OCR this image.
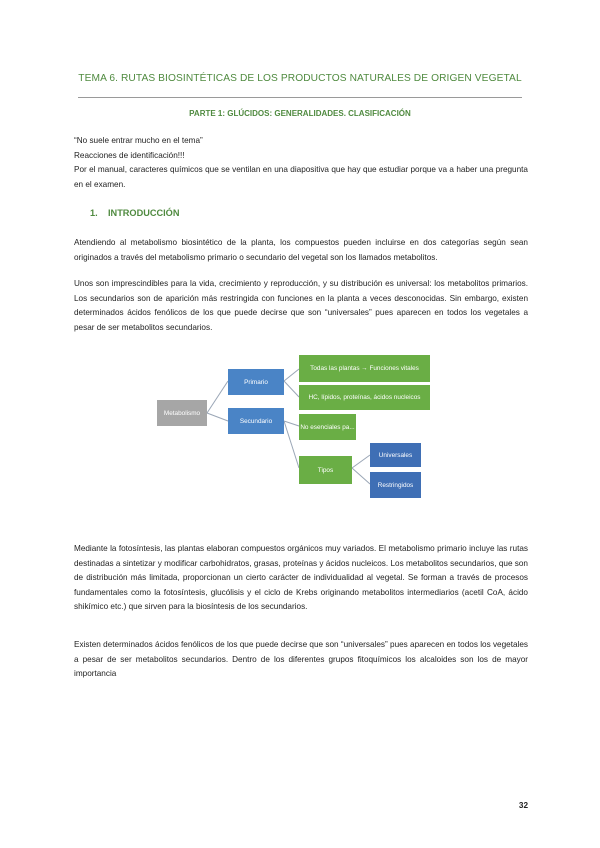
TEMA 6. RUTAS BIOSINTÉTICAS DE LOS PRODUCTOS NATURALES DE ORIGEN VEGETAL
PARTE 1: GLÚCIDOS: GENERALIDADES. CLASIFICACIÓN
“No suele entrar mucho en el tema”
Reacciones de identificación!!!
Por el manual, caracteres químicos que se ventilan en una diapositiva que hay que estudiar porque va a haber una pregunta en el examen.
1. INTRODUCCIÓN
Atendiendo al metabolismo biosintético de la planta, los compuestos pueden incluirse en dos categorías según sean originados a través del metabolismo primario o secundario del vegetal son los llamados metabolitos.
Unos son imprescindibles para la vida, crecimiento y reproducción, y su distribución es universal: los metabolitos primarios. Los secundarios son de aparición más restringida con funciones en la planta a veces desconocidas. Sin embargo, existen determinados ácidos fenólicos de los que puede decirse que son “universales” pues aparecen en todos los vegetales a pesar de ser metabolitos secundarios.
Metabolismo
Primario
Secundario
Todas las plantas → Funciones vitales
HC, lípidos, proteínas, ácidos nucleicos
No esenciales pa...
Tipos
Universales
Restringidos
Mediante la fotosíntesis, las plantas elaboran compuestos orgánicos muy variados. El metabolismo primario incluye las rutas destinadas a sintetizar y modificar carbohidratos, grasas, proteínas y ácidos nucleicos. Los metabolitos secundarios, que son de distribución más limitada, proporcionan un cierto carácter de individualidad al vegetal. Se forman a través de procesos fundamentales como la fotosíntesis, glucólisis y el ciclo de Krebs originando metabolitos intermediarios (acetil CoA, ácido shikímico etc.) que sirven para la biosíntesis de los secundarios.
Existen determinados ácidos fenólicos de los que puede decirse que son “universales” pues aparecen en todos los vegetales a pesar de ser metabolitos secundarios. Dentro de los diferentes grupos fitoquímicos los alcaloides son los de mayor importancia
32
